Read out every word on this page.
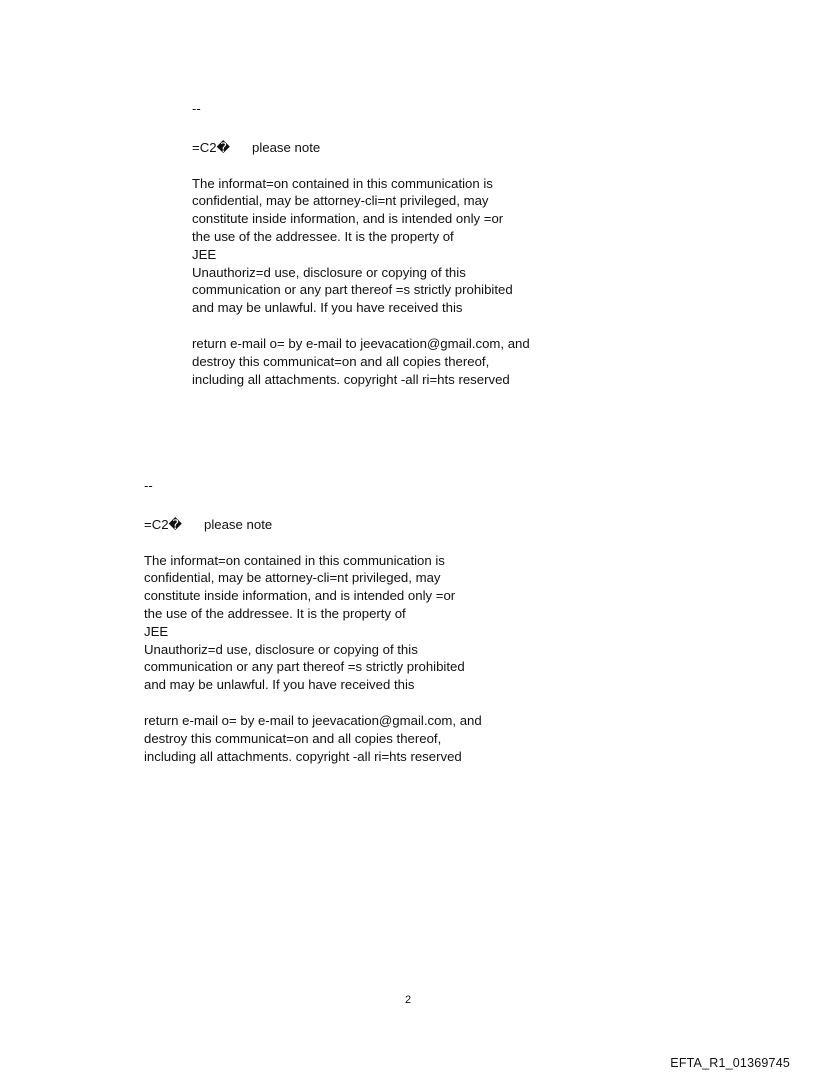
--

=C2� please note

The informat=on contained in this communication is

confidential, may be attorney-cli=nt privileged, may

constitute inside information, and is intended only =or

the use of the addressee. It is the property of

JEE

Unauthoriz=d use, disclosure or copying of this

communication or any part thereof =s strictly prohibited

and may be unlawful. If you have received this

return e-mail o= by e-mail to jeevacation@gmail.com, and

destroy this communicat=on and all copies thereof,

including all attachments. copyright -all ri=hts reserved

--

=C2� please note

The informat=on contained in this communication is

confidential, may be attorney-cli=nt privileged, may

constitute inside information, and is intended only =or

the use of the addressee. It is the property of

JEE

Unauthoriz=d use, disclosure or copying of this

communication or any part thereof =s strictly prohibited

and may be unlawful. If you have received this

return e-mail o= by e-mail to jeevacation@gmail.com, and

destroy this communicat=on and all copies thereof,

including all attachments. copyright -all ri=hts reserved

2
EFTA_R1_01369745
